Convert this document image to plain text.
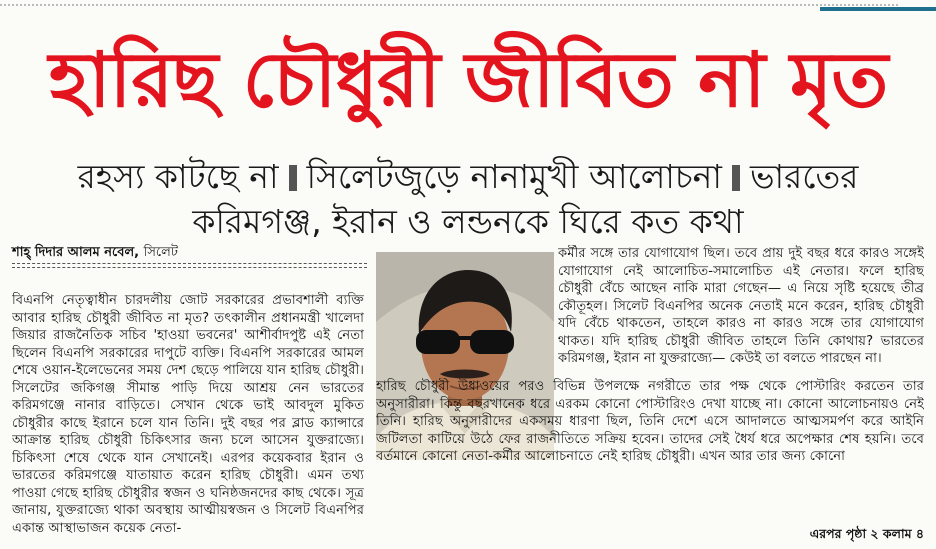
হারিছ চৌধুরী জীবিত না মৃত
রহস্য কাটছে না সিলেটজুড়ে নানামুখী আলোচনা ভারতের
করিমগঞ্জ, ইরান ও লন্ডনকে ঘিরে কত কথা
শাহ্‌ দিদার আলম নবেল, সিলেট

বিএনপি নেতৃত্বাধীন চারদলীয় জোট সরকারের প্রভাবশালী ব্যক্তি আবার হারিছ চৌধুরী জীবিত না মৃত? তৎকালীন প্রধানমন্ত্রী খালেদা জিয়ার রাজনৈতিক সচিব 'হাওয়া ভবনের' আশীর্বাদপুষ্ট এই নেতা ছিলেন বিএনপি সরকারের দাপুটে ব্যক্তি। বিএনপি সরকারের আমল শেষে ওয়ান-ইলেভেনের সময় দেশ ছেড়ে পালিয়ে যান হারিছ চৌধুরী। সিলেটের জকিগঞ্জ সীমান্ত পাড়ি দিয়ে আশ্রয় নেন ভারতের করিমগঞ্জে নানার বাড়িতে। সেখান থেকে ভাই আবদুল মুকিত চৌধুরীর কাছে ইরানে চলে যান তিনি। দুই বছর পর ব্লাড ক্যান্সারে আক্রান্ত হারিছ চৌধুরী চিকিৎসার জন্য চলে আসেন যুক্তরাজ্যে। চিকিৎসা শেষে থেকে যান সেখানেই। এরপর কয়েকবার ইরান ও ভারতের করিমগঞ্জে যাতায়াত করেন হারিছ চৌধুরী। এমন তথ্য পাওয়া গেছে হারিছ চৌধুরীর স্বজন ও ঘনিষ্ঠজনদের কাছ থেকে। সূত্র জানায়, যুক্তরাজ্যে থাকা অবস্থায় আত্মীয়স্বজন ও সিলেট বিএনপির একান্ত আস্থাভাজন কয়েক নেতা-

কর্মীর সঙ্গে তার যোগাযোগ ছিল। তবে প্রায় দুই বছর ধরে কারও সঙ্গেই যোগাযোগ নেই আলোচিত-সমালোচিত এই নেতার। ফলে হারিছ চৌধুরী বেঁচে আছেন নাকি মারা গেছেন— এ নিয়ে সৃষ্টি হয়েছে তীব্র কৌতূহল। সিলেট বিএনপির অনেক নেতাই মনে করেন, হারিছ চৌধুরী যদি বেঁচে থাকতেন, তাহলে কারও না কারও সঙ্গে তার যোগাযোগ থাকত। যদি হারিছ চৌধুরী জীবিত তাহলে তিনি কোথায়? ভারতের করিমগঞ্জ, ইরান না যুক্তরাজ্যে— কেউই তা বলতে পারছেন না।

হারিছ চৌধুরী উধাওয়ের পরও বিভিন্ন উপলক্ষে নগরীতে তার পক্ষ থেকে পোস্টারিং করতেন তার অনুসারীরা। কিন্তু বছরখানেক ধরে এরকম কোনো পোস্টারিংও দেখা যাচ্ছে না। কোনো আলোচনায়ও নেই তিনি। হারিছ অনুসারীদের একসময় ধারণা ছিল, তিনি দেশে এসে আদালতে আত্মসমর্পণ করে আইনি জটিলতা কাটিয়ে উঠে ফের রাজনীতিতে সক্রিয় হবেন। তাদের সেই ধৈর্য ধরে অপেক্ষার শেষ হয়নি। তবে বর্তমানে কোনো নেতা-কর্মীর আলোচনাতে নেই হারিছ চৌধুরী। এখন আর তার জন্য কোনো

এরপর পৃষ্ঠা ২ কলাম ৪
